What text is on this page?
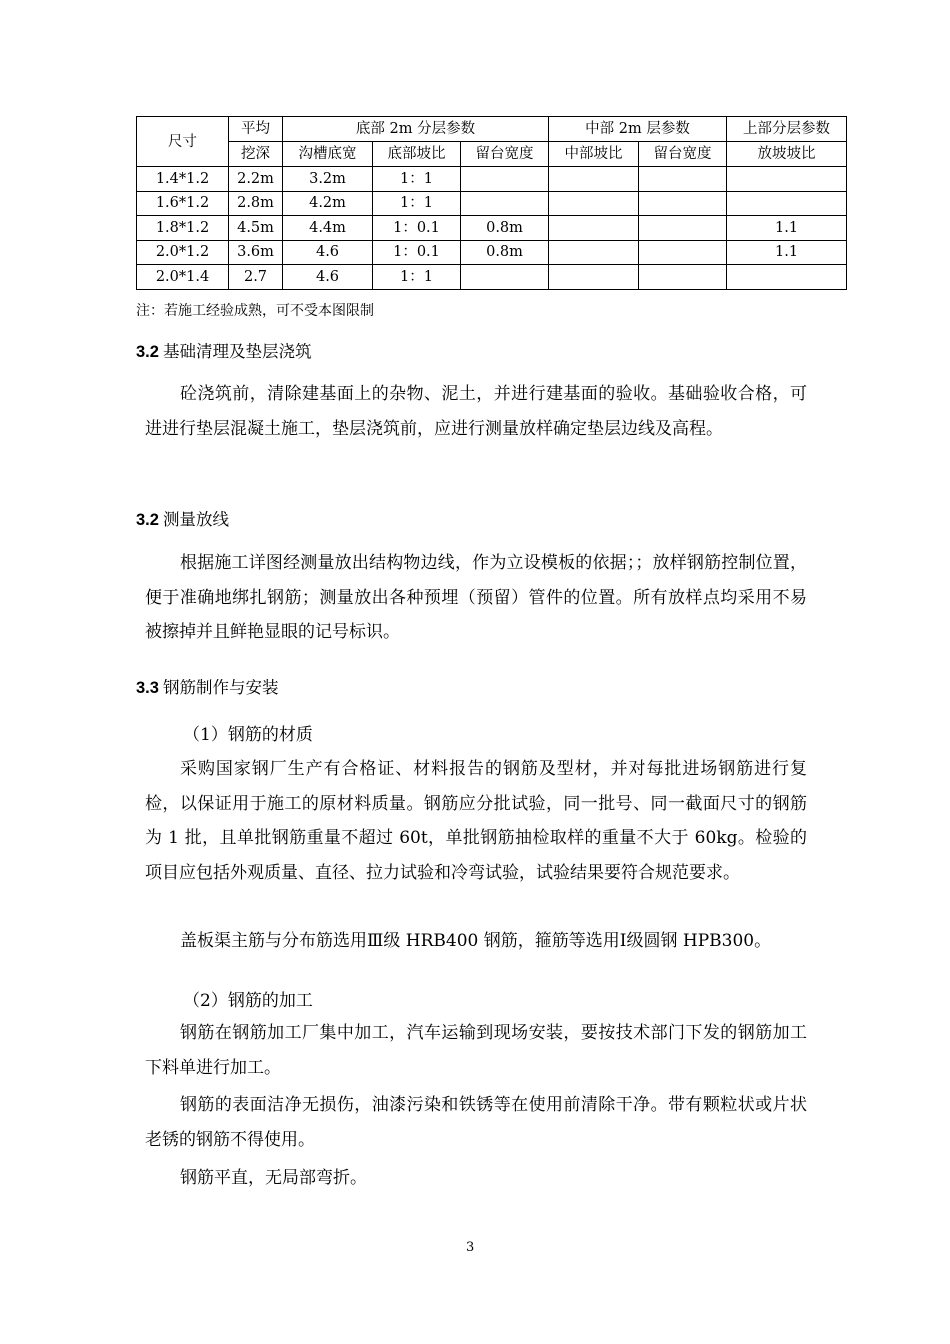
尺寸	平均	底部 2m 分层参数			中部 2m 层参数		上部分层参数
	挖深	沟槽底宽	底部坡比	留台宽度	中部坡比	留台宽度	放坡坡比
1.4*1.2	2.2m	3.2m	1：1				
1.6*1.2	2.8m	4.2m	1：1				
1.8*1.2	4.5m	4.4m	1：0.1	0.8m			1.1
2.0*1.2	3.6m	4.6	1：0.1	0.8m			1.1
2.0*1.4	2.7	4.6	1：1				
注：若施工经验成熟，可不受本图限制
3.2 基础清理及垫层浇筑
砼浇筑前，清除建基面上的杂物、泥土，并进行建基面的验收。基础验收合格，可进进行垫层混凝土施工，垫层浇筑前，应进行测量放样确定垫层边线及高程。
3.2 测量放线
根据施工详图经测量放出结构物边线，作为立设模板的依据；；放样钢筋控制位置，便于准确地绑扎钢筋；测量放出各种预埋（预留）管件的位置。所有放样点均采用不易被擦掉并且鲜艳显眼的记号标识。
3.3 钢筋制作与安装
（1）钢筋的材质
采购国家钢厂生产有合格证、材料报告的钢筋及型材，并对每批进场钢筋进行复检，以保证用于施工的原材料质量。钢筋应分批试验，同一批号、同一截面尺寸的钢筋为 1 批，且单批钢筋重量不超过 60t，单批钢筋抽检取样的重量不大于 60kg。检验的项目应包括外观质量、直径、拉力试验和冷弯试验，试验结果要符合规范要求。
盖板渠主筋与分布筋选用Ⅲ级 HRB400 钢筋，箍筋等选用Ⅰ级圆钢 HPB300。
（2）钢筋的加工
钢筋在钢筋加工厂集中加工，汽车运输到现场安装，要按技术部门下发的钢筋加工下料单进行加工。
钢筋的表面洁净无损伤，油漆污染和铁锈等在使用前清除干净。带有颗粒状或片状老锈的钢筋不得使用。
钢筋平直，无局部弯折。
3
